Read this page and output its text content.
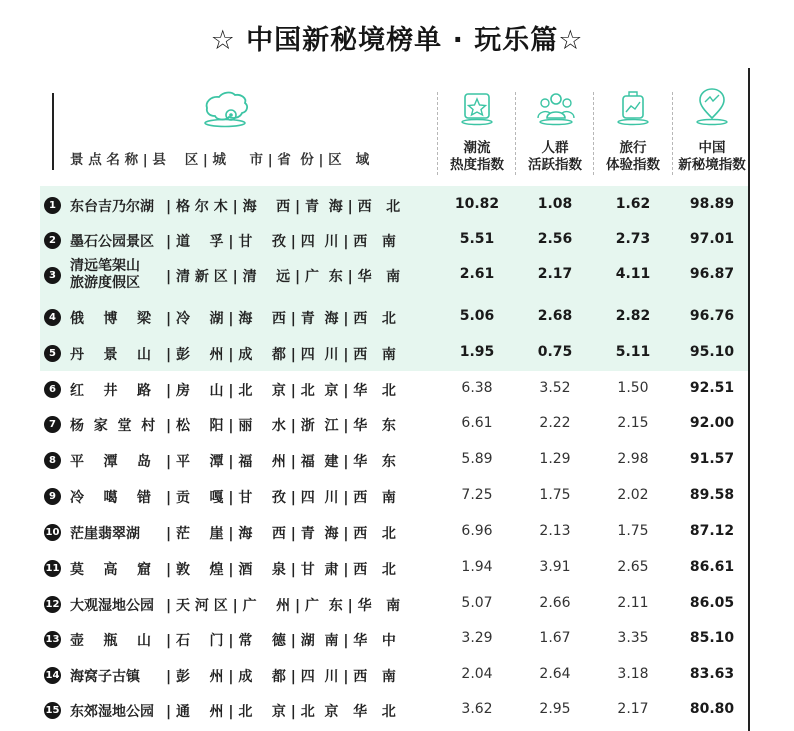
☆ 中国新秘境榜单 · 玩乐篇☆
景 点 名 称 | 县    区 | 城     市 | 省  份 | 区   域
潮流
热度指数
人群
活跃指数
旅行
体验指数
中国
新秘境指数
1	东台吉乃尔湖 | 格 尔 木 | 海    西 | 青  海 | 西   北	10.82	1.08	1.62	98.89
2	墨石公园景区 | 道    孚 | 甘    孜 | 四  川 | 西   南	5.51	2.56	2.73	97.01
3
清远笔架山
旅游度假区 | 清 新 区 | 清    远 | 广  东 | 华   南	2.61	2.17	4.11	96.87
4	俄    博    梁 | 冷    湖 | 海    西 | 青  海 | 西   北	5.06	2.68	2.82	96.76
5	丹    景    山 | 彭    州 | 成    都 | 四  川 | 西   南	1.95	0.75	5.11	95.10
6	红    井    路 | 房    山 | 北    京 | 北  京 | 华   北	6.38	3.52	1.50	92.51
7	杨  家  堂  村 | 松    阳 | 丽    水 | 浙  江 | 华   东	6.61	2.22	2.15	92.00
8	平    潭    岛 | 平    潭 | 福    州 | 福  建 | 华   东	5.89	1.29	2.98	91.57
9	冷    噶    错 | 贡    嘎 | 甘    孜 | 四  川 | 西   南	7.25	1.75	2.02	89.58
10 茫崖翡翠湖 | 茫    崖 | 海    西 | 青  海 | 西   北	6.96	2.13	1.75	87.12
11 莫    高    窟 | 敦    煌 | 酒    泉 | 甘  肃 | 西   北	1.94	3.91	2.65	86.61
12 大观湿地公园 | 天 河 区 | 广    州 | 广  东 | 华   南	5.07	2.66	2.11	86.05
13 壶    瓶    山 | 石    门 | 常    德 | 湖  南 | 华   中	3.29	1.67	3.35	85.10
14 海窝子古镇 | 彭    州 | 成    都 | 四  川 | 西   南	2.04	2.64	3.18	83.63
15 东郊湿地公园 | 通    州 | 北    京 | 北  京   华   北	3.62	2.95	2.17	80.80
